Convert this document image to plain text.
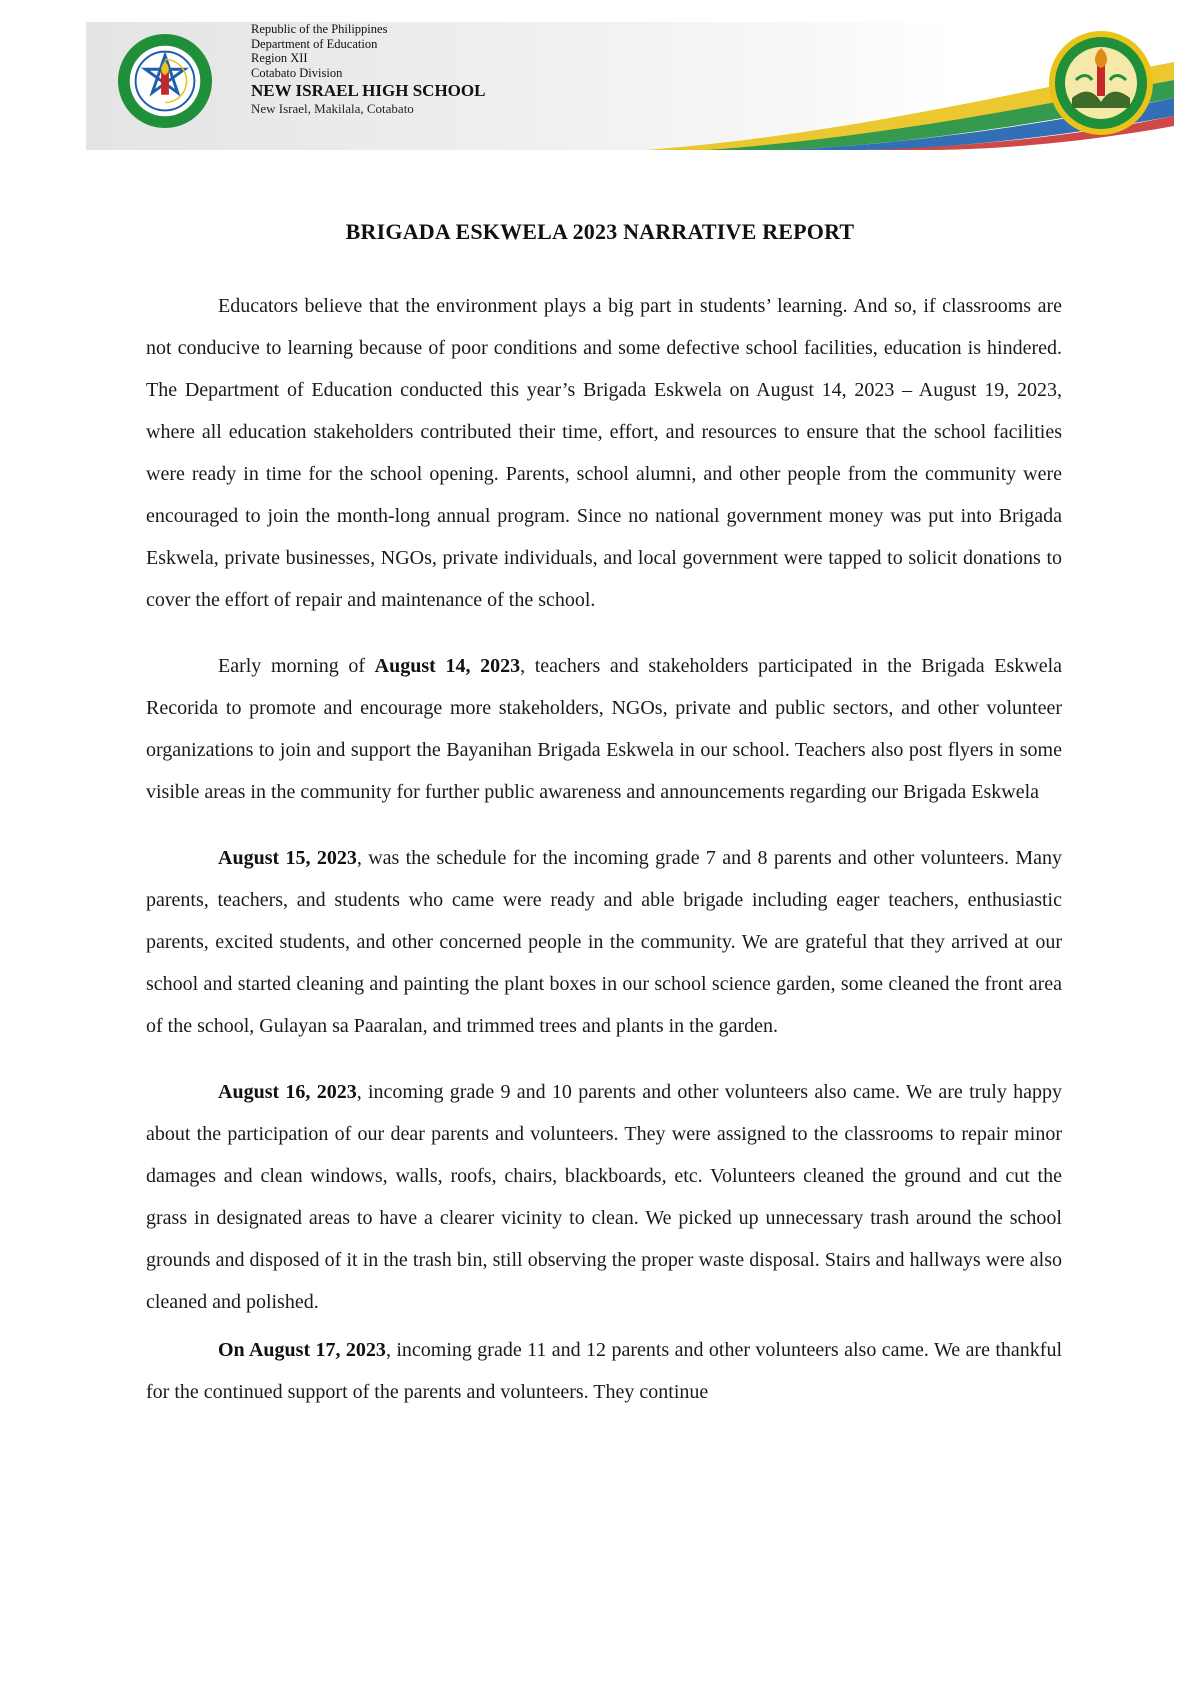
Republic of the Philippines
Department of Education
Region XII
Cotabato Division
NEW ISRAEL HIGH SCHOOL
New Israel, Makilala, Cotabato
BRIGADA ESKWELA 2023 NARRATIVE REPORT

Educators believe that the environment plays a big part in students’ learning. And so, if classrooms are not conducive to learning because of poor conditions and some defective school facilities, education is hindered. The Department of Education conducted this year’s Brigada Eskwela on August 14, 2023 – August 19, 2023, where all education stakeholders contributed their time, effort, and resources to ensure that the school facilities were ready in time for the school opening. Parents, school alumni, and other people from the community were encouraged to join the month-long annual program. Since no national government money was put into Brigada Eskwela, private businesses, NGOs, private individuals, and local government were tapped to solicit donations to cover the effort of repair and maintenance of the school.

Early morning of August 14, 2023, teachers and stakeholders participated in the Brigada Eskwela Recorida to promote and encourage more stakeholders, NGOs, private and public sectors, and other volunteer organizations to join and support the Bayanihan Brigada Eskwela in our school. Teachers also post flyers in some visible areas in the community for further public awareness and announcements regarding our Brigada Eskwela

August 15, 2023, was the schedule for the incoming grade 7 and 8 parents and other volunteers. Many parents, teachers, and students who came were ready and able brigade including eager teachers, enthusiastic parents, excited students, and other concerned people in the community. We are grateful that they arrived at our school and started cleaning and painting the plant boxes in our school science garden, some cleaned the front area of the school, Gulayan sa Paaralan, and trimmed trees and plants in the garden.

August 16, 2023, incoming grade 9 and 10 parents and other volunteers also came. We are truly happy about the participation of our dear parents and volunteers. They were assigned to the classrooms to repair minor damages and clean windows, walls, roofs, chairs, blackboards, etc. Volunteers cleaned the ground and cut the grass in designated areas to have a clearer vicinity to clean. We picked up unnecessary trash around the school grounds and disposed of it in the trash bin, still observing the proper waste disposal. Stairs and hallways were also cleaned and polished.

On August 17, 2023, incoming grade 11 and 12 parents and other volunteers also came. We are thankful for the continued support of the parents and volunteers. They continue
